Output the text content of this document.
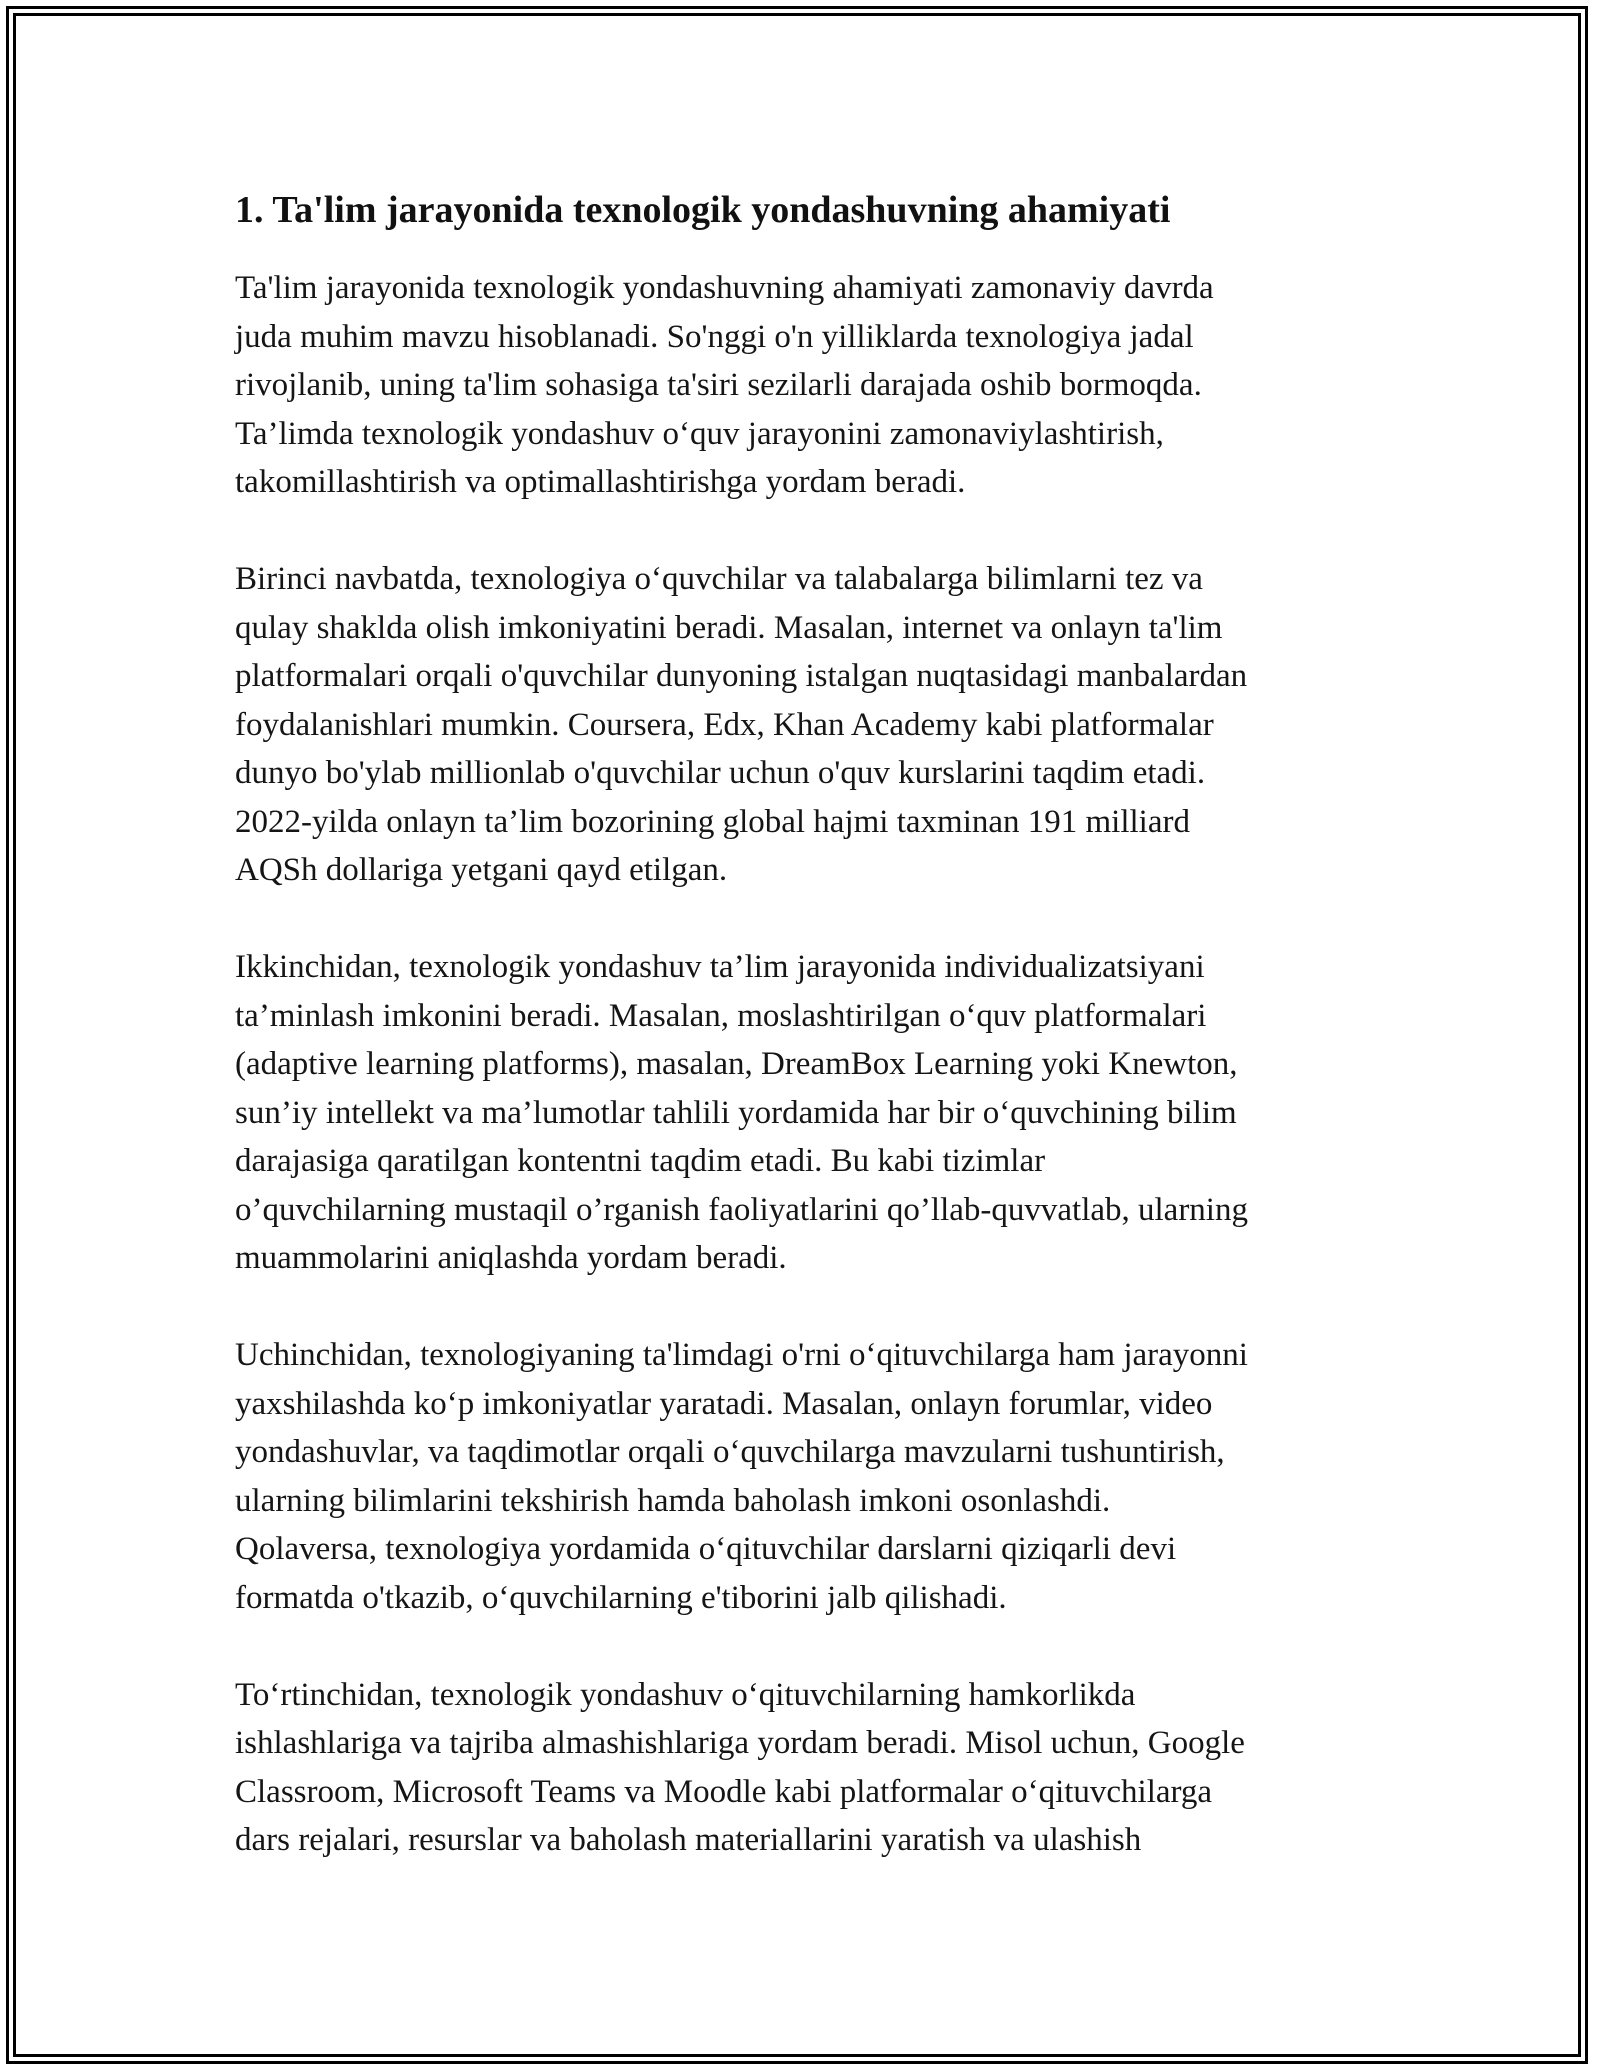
1. Ta'lim jarayonida texnologik yondashuvning ahamiyati

Ta'lim jarayonida texnologik yondashuvning ahamiyati zamonaviy davrda
juda muhim mavzu hisoblanadi. So'nggi o'n yilliklarda texnologiya jadal
rivojlanib, uning ta'lim sohasiga ta'siri sezilarli darajada oshib bormoqda.
Ta’limda texnologik yondashuv o‘quv jarayonini zamonaviylashtirish,
takomillashtirish va optimallashtirishga yordam beradi.

Birinci navbatda, texnologiya o‘quvchilar va talabalarga bilimlarni tez va
qulay shaklda olish imkoniyatini beradi. Masalan, internet va onlayn ta'lim
platformalari orqali o'quvchilar dunyoning istalgan nuqtasidagi manbalardan
foydalanishlari mumkin. Coursera, Edx, Khan Academy kabi platformalar
dunyo bo'ylab millionlab o'quvchilar uchun o'quv kurslarini taqdim etadi.
2022-yilda onlayn ta’lim bozorining global hajmi taxminan 191 milliard
AQSh dollariga yetgani qayd etilgan.

Ikkinchidan, texnologik yondashuv ta’lim jarayonida individualizatsiyani
ta’minlash imkonini beradi. Masalan, moslashtirilgan o‘quv platformalari
(adaptive learning platforms), masalan, DreamBox Learning yoki Knewton,
sun’iy intellekt va ma’lumotlar tahlili yordamida har bir o‘quvchining bilim
darajasiga qaratilgan kontentni taqdim etadi. Bu kabi tizimlar
o’quvchilarning mustaqil o’rganish faoliyatlarini qo’llab-quvvatlab, ularning
muammolarini aniqlashda yordam beradi.

Uchinchidan, texnologiyaning ta'limdagi o'rni o‘qituvchilarga ham jarayonni
yaxshilashda ko‘p imkoniyatlar yaratadi. Masalan, onlayn forumlar, video
yondashuvlar, va taqdimotlar orqali o‘quvchilarga mavzularni tushuntirish,
ularning bilimlarini tekshirish hamda baholash imkoni osonlashdi.
Qolaversa, texnologiya yordamida o‘qituvchilar darslarni qiziqarli devi
formatda o'tkazib, o‘quvchilarning e'tiborini jalb qilishadi.

To‘rtinchidan, texnologik yondashuv o‘qituvchilarning hamkorlikda
ishlashlariga va tajriba almashishlariga yordam beradi. Misol uchun, Google
Classroom, Microsoft Teams va Moodle kabi platformalar o‘qituvchilarga
dars rejalari, resurslar va baholash materiallarini yaratish va ulashish
